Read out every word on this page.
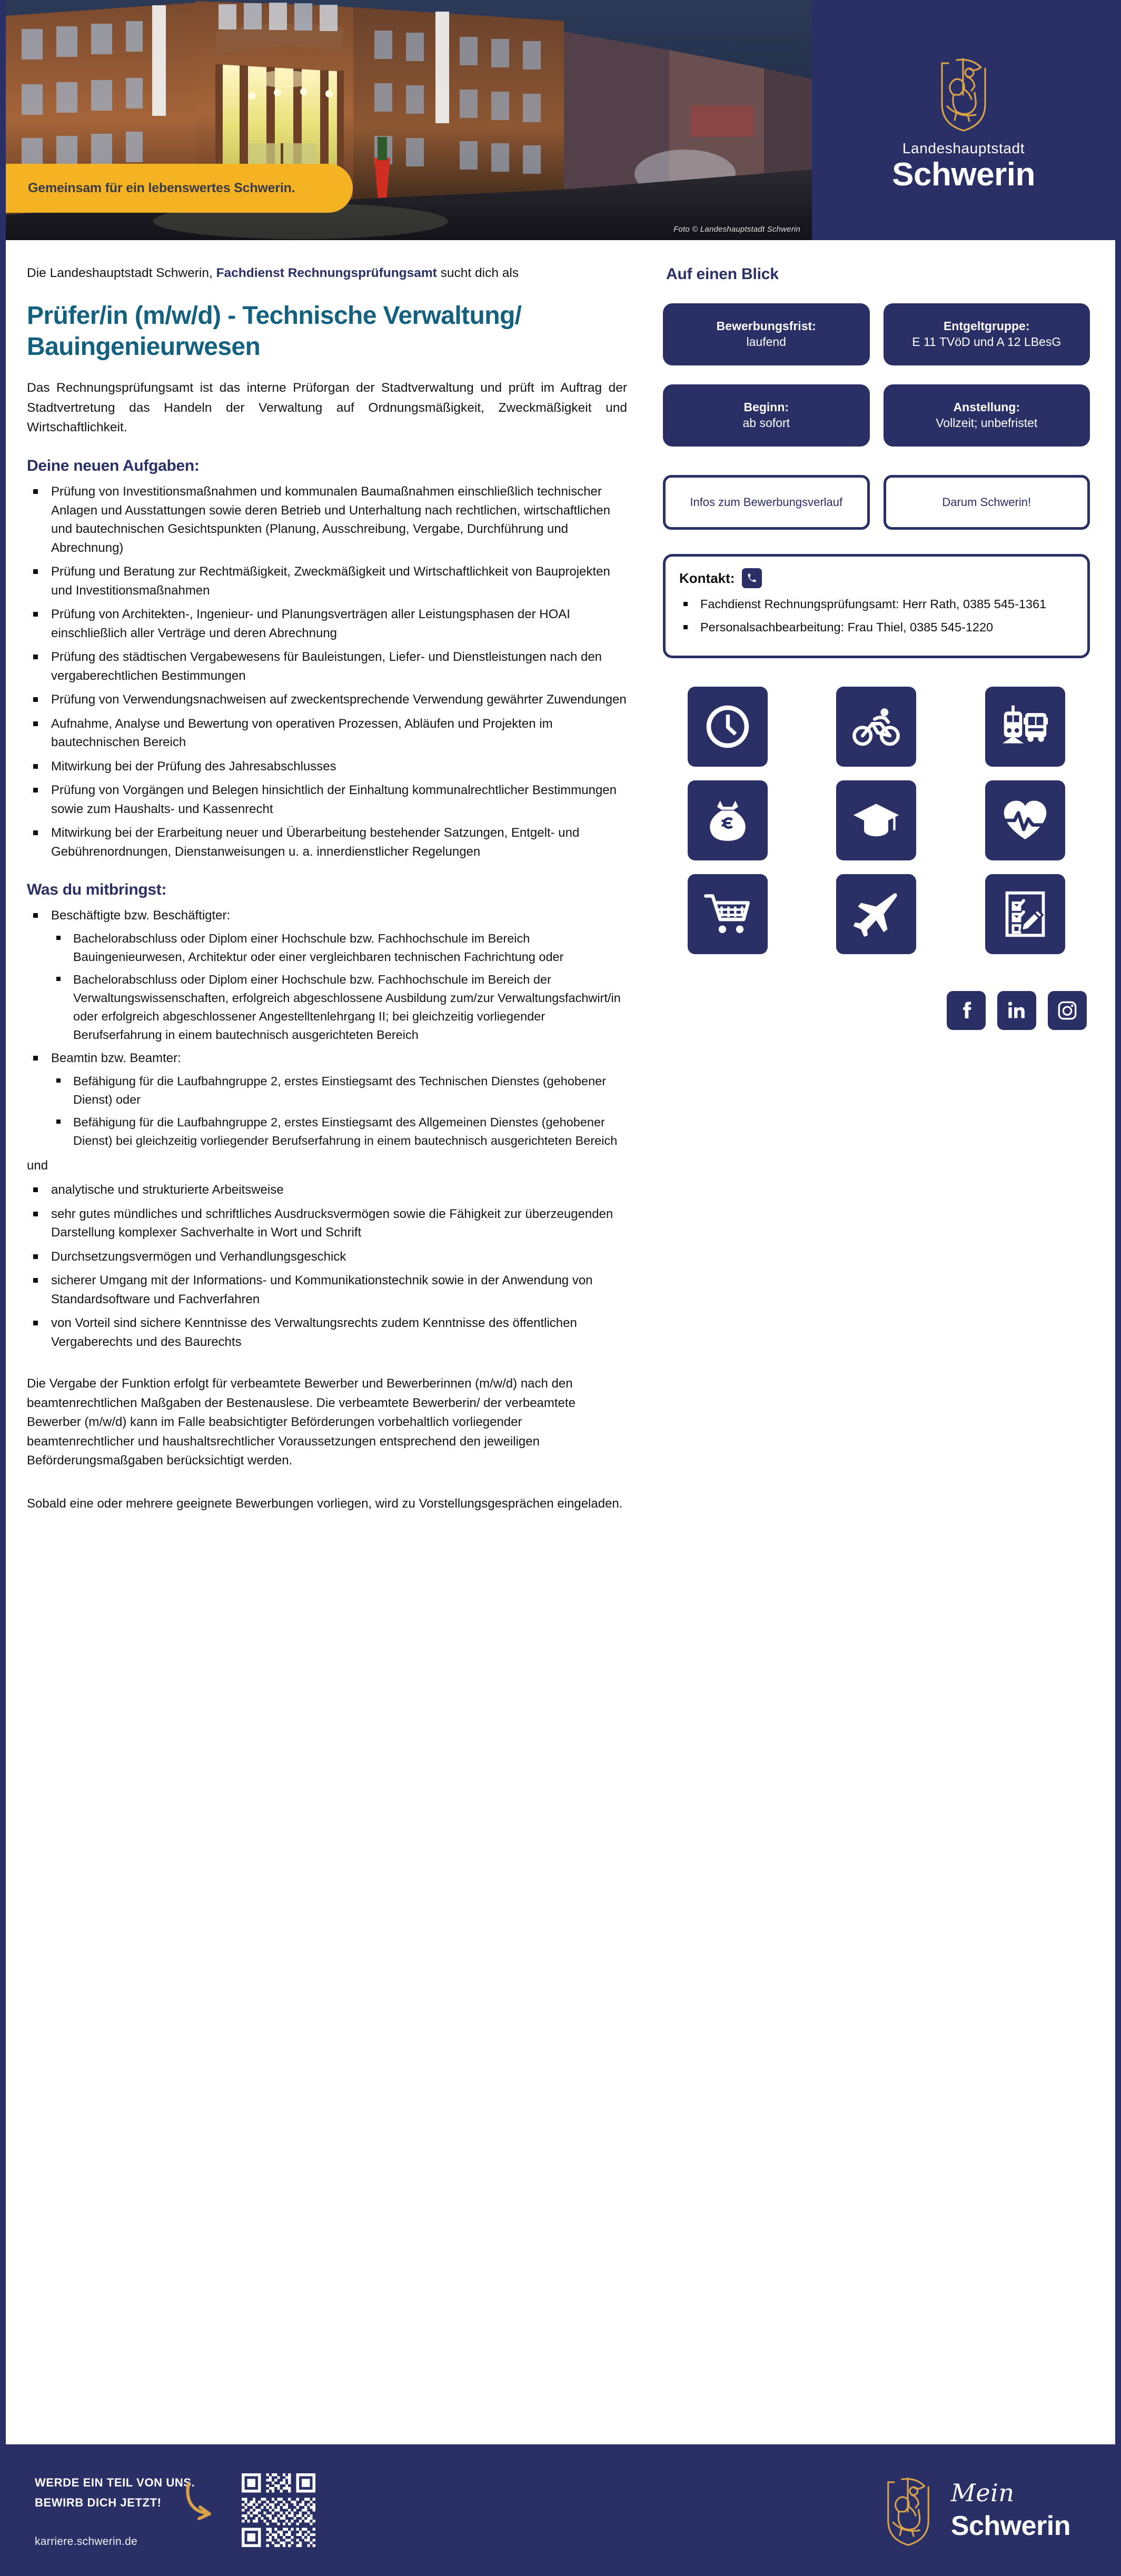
Gemeinsam für ein lebenswertes Schwerin.
Foto © Landeshauptstadt Schwerin
Landeshauptstadt
Schwerin

Die Landeshauptstadt Schwerin, Fachdienst Rechnungsprüfungsamt sucht dich als

Prüfer/in (m/w/d) - Technische Verwaltung/ Bauingenieurwesen

Das Rechnungsprüfungsamt ist das interne Prüforgan der Stadtverwaltung und prüft im Auftrag der Stadtvertretung das Handeln der Verwaltung auf Ordnungsmäßigkeit, Zweckmäßigkeit und Wirtschaftlichkeit.

Deine neuen Aufgaben:
Prüfung von Investitionsmaßnahmen und kommunalen Baumaßnahmen einschließlich technischer Anlagen und Ausstattungen sowie deren Betrieb und Unterhaltung nach rechtlichen, wirtschaftlichen und bautechnischen Gesichtspunkten (Planung, Ausschreibung, Vergabe, Durchführung und Abrechnung)
Prüfung und Beratung zur Rechtmäßigkeit, Zweckmäßigkeit und Wirtschaftlichkeit von Bauprojekten und Investitionsmaßnahmen
Prüfung von Architekten-, Ingenieur- und Planungsverträgen aller Leistungsphasen der HOAI einschließlich aller Verträge und deren Abrechnung
Prüfung des städtischen Vergabewesens für Bauleistungen, Liefer- und Dienstleistungen nach den vergaberechtlichen Bestimmungen
Prüfung von Verwendungsnachweisen auf zweckentsprechende Verwendung gewährter Zuwendungen
Aufnahme, Analyse und Bewertung von operativen Prozessen, Abläufen und Projekten im bautechnischen Bereich
Mitwirkung bei der Prüfung des Jahresabschlusses
Prüfung von Vorgängen und Belegen hinsichtlich der Einhaltung kommunalrechtlicher Bestimmungen sowie zum Haushalts- und Kassenrecht
Mitwirkung bei der Erarbeitung neuer und Überarbeitung bestehender Satzungen, Entgelt- und Gebührenordnungen, Dienstanweisungen u. a. innerdienstlicher Regelungen
Was du mitbringst:
Beschäftigte bzw. Beschäftigter:
Bachelorabschluss oder Diplom einer Hochschule bzw. Fachhochschule im Bereich Bauingenieurwesen, Architektur oder einer vergleichbaren technischen Fachrichtung oder
Bachelorabschluss oder Diplom einer Hochschule bzw. Fachhochschule im Bereich der Verwaltungswissenschaften, erfolgreich abgeschlossene Ausbildung zum/zur Verwaltungsfachwirt/in oder erfolgreich abgeschlossener Angestelltenlehrgang II; bei gleichzeitig vorliegender Berufserfahrung in einem bautechnisch ausgerichteten Bereich
Beamtin bzw. Beamter:
Befähigung für die Laufbahngruppe 2, erstes Einstiegsamt des Technischen Dienstes (gehobener Dienst) oder
Befähigung für die Laufbahngruppe 2, erstes Einstiegsamt des Allgemeinen Dienstes (gehobener Dienst) bei gleichzeitig vorliegender Berufserfahrung in einem bautechnisch ausgerichteten Bereich

und

analytische und strukturierte Arbeitsweise
sehr gutes mündliches und schriftliches Ausdrucksvermögen sowie die Fähigkeit zur überzeugenden Darstellung komplexer Sachverhalte in Wort und Schrift
Durchsetzungsvermögen und Verhandlungsgeschick
sicherer Umgang mit der Informations- und Kommunikationstechnik sowie in der Anwendung von Standardsoftware und Fachverfahren
von Vorteil sind sichere Kenntnisse des Verwaltungsrechts zudem Kenntnisse des öffentlichen Vergaberechts und des Baurechts

Die Vergabe der Funktion erfolgt für verbeamtete Bewerber und Bewerberinnen (m/w/d) nach den beamtenrechtlichen Maßgaben der Bestenauslese. Die verbeamtete Bewerberin/ der verbeamtete Bewerber (m/w/d) kann im Falle beabsichtigter Beförderungen vorbehaltlich vorliegender beamtenrechtlicher und haushaltsrechtlicher Voraussetzungen entsprechend den jeweiligen Beförderungsmaßgaben berücksichtigt werden.

Sobald eine oder mehrere geeignete Bewerbungen vorliegen, wird zu Vorstellungsgesprächen eingeladen.

Auf einen Blick
Bewerbungsfrist:
laufend
Entgeltgruppe:
E 11 TVöD und A 12 LBesG
Beginn:
ab sofort
Anstellung:
Vollzeit; unbefristet
Infos zum Bewerbungsverlauf	Darum Schwerin!
Kontakt:
Fachdienst Rechnungsprüfungsamt: Herr Rath, 0385 545-1361
Personalsachbearbeitung: Frau Thiel, 0385 545-1220
WERDE EIN TEIL VON UNS.
BEWIRB DICH JETZT!
karriere.schwerin.de
Mein
Schwerin
